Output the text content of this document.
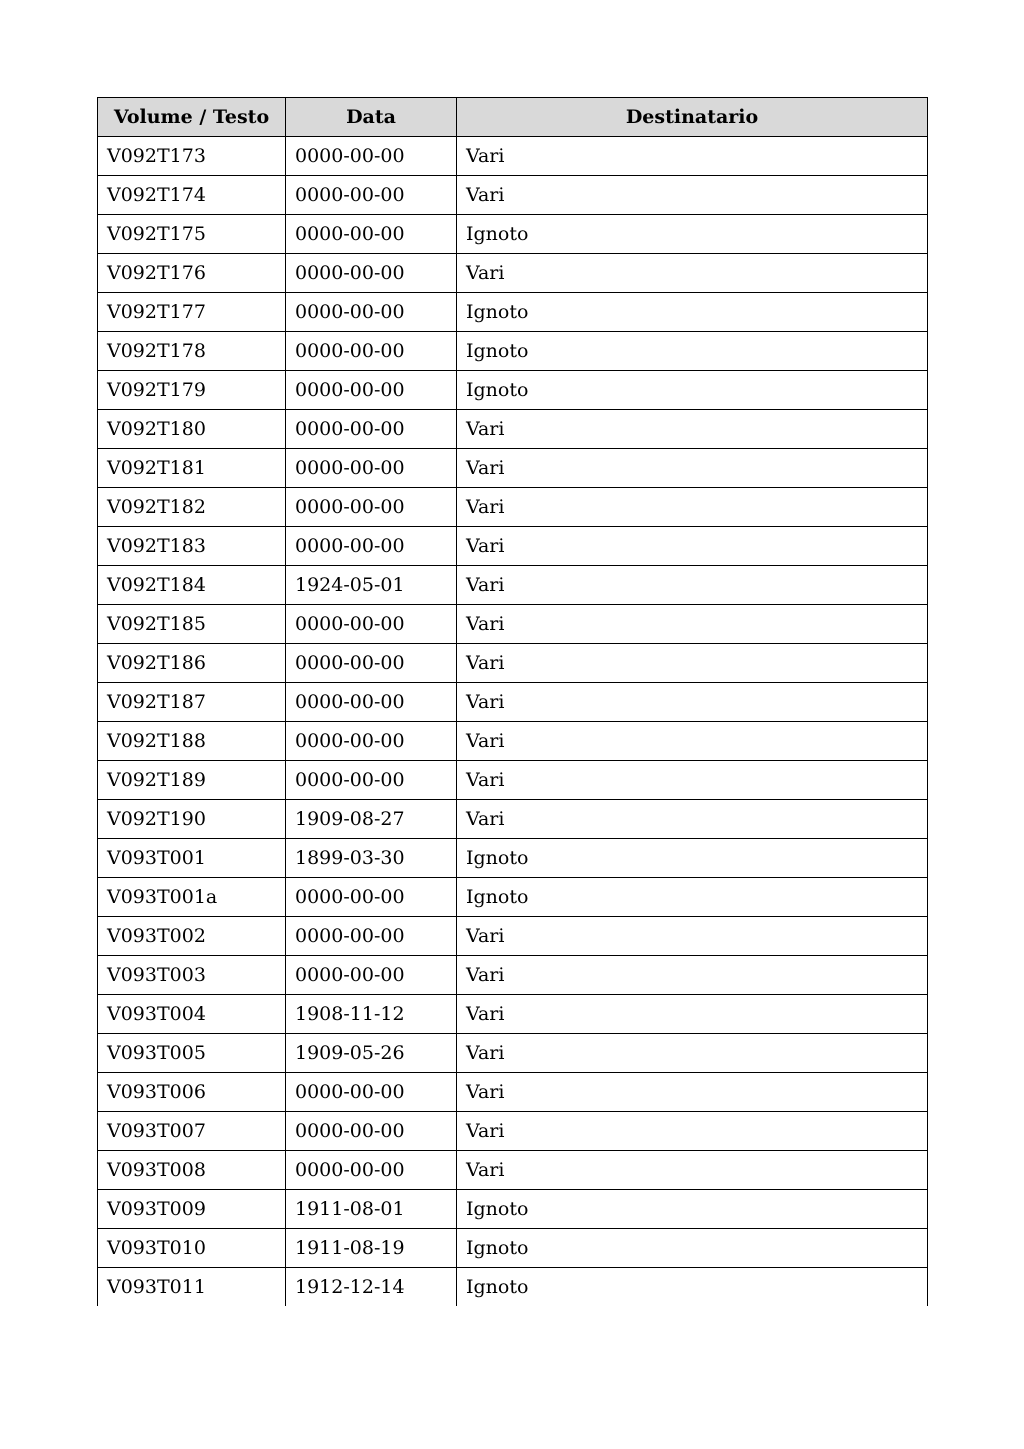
Volume / Testo	Data	Destinatario
V092T173	0000-00-00	Vari
V092T174	0000-00-00	Vari
V092T175	0000-00-00	Ignoto
V092T176	0000-00-00	Vari
V092T177	0000-00-00	Ignoto
V092T178	0000-00-00	Ignoto
V092T179	0000-00-00	Ignoto
V092T180	0000-00-00	Vari
V092T181	0000-00-00	Vari
V092T182	0000-00-00	Vari
V092T183	0000-00-00	Vari
V092T184	1924-05-01	Vari
V092T185	0000-00-00	Vari
V092T186	0000-00-00	Vari
V092T187	0000-00-00	Vari
V092T188	0000-00-00	Vari
V092T189	0000-00-00	Vari
V092T190	1909-08-27	Vari
V093T001	1899-03-30	Ignoto
V093T001a	0000-00-00	Ignoto
V093T002	0000-00-00	Vari
V093T003	0000-00-00	Vari
V093T004	1908-11-12	Vari
V093T005	1909-05-26	Vari
V093T006	0000-00-00	Vari
V093T007	0000-00-00	Vari
V093T008	0000-00-00	Vari
V093T009	1911-08-01	Ignoto
V093T010	1911-08-19	Ignoto
V093T011	1912-12-14	Ignoto
